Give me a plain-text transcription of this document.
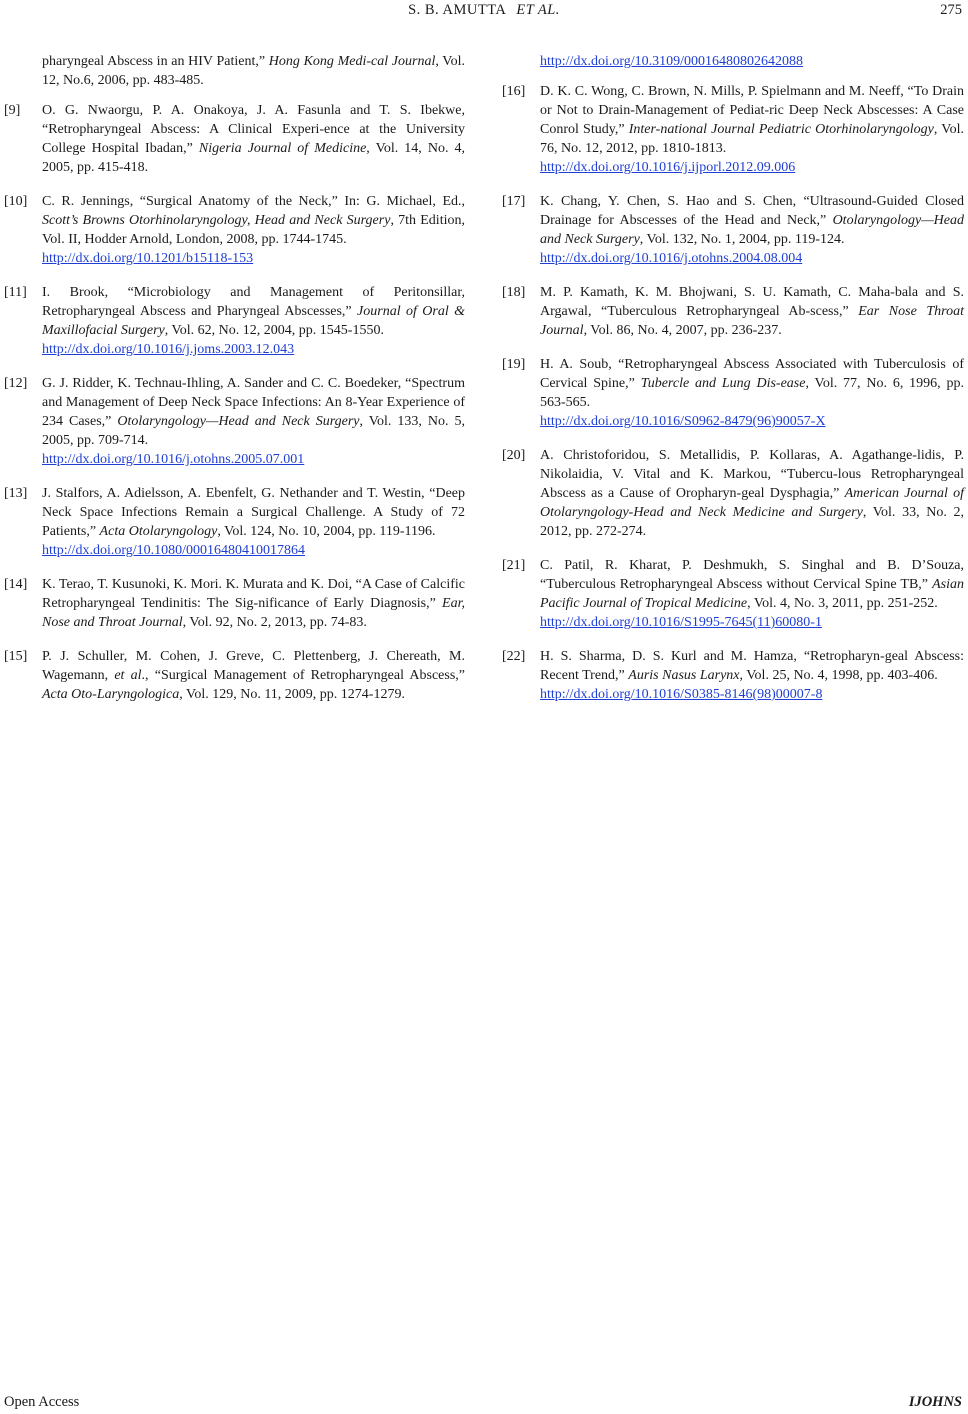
S. B. AMUTTA ET AL.	275
pharyngeal Abscess in an HIV Patient,” Hong Kong Medi-cal Journal, Vol. 12, No.6, 2006, pp. 483-485.
[9] O. G. Nwaorgu, P. A. Onakoya, J. A. Fasunla and T. S. Ibekwe, “Retropharyngeal Abscess: A Clinical Experi-ence at the University College Hospital Ibadan,” Nigeria Journal of Medicine, Vol. 14, No. 4, 2005, pp. 415-418.
[10] C. R. Jennings, “Surgical Anatomy of the Neck,” In: G. Michael, Ed., Scott’s Browns Otorhinolaryngology, Head and Neck Surgery, 7th Edition, Vol. II, Hodder Arnold, London, 2008, pp. 1744-1745.
http://dx.doi.org/10.1201/b15118-153
[11] I. Brook, “Microbiology and Management of Peritonsillar, Retropharyngeal Abscess and Pharyngeal Abscesses,” Journal of Oral & Maxillofacial Surgery, Vol. 62, No. 12, 2004, pp. 1545-1550.
http://dx.doi.org/10.1016/j.joms.2003.12.043
[12] G. J. Ridder, K. Technau-Ihling, A. Sander and C. C. Boedeker, “Spectrum and Management of Deep Neck Space Infections: An 8-Year Experience of 234 Cases,” Otolaryngology—Head and Neck Surgery, Vol. 133, No. 5, 2005, pp. 709-714.
http://dx.doi.org/10.1016/j.otohns.2005.07.001
[13] J. Stalfors, A. Adielsson, A. Ebenfelt, G. Nethander and T. Westin, “Deep Neck Space Infections Remain a Surgical Challenge. A Study of 72 Patients,” Acta Otolaryngology, Vol. 124, No. 10, 2004, pp. 119-1196.
http://dx.doi.org/10.1080/00016480410017864
[14] K. Terao, T. Kusunoki, K. Mori. K. Murata and K. Doi, “A Case of Calcific Retropharyngeal Tendinitis: The Sig-nificance of Early Diagnosis,” Ear, Nose and Throat Journal, Vol. 92, No. 2, 2013, pp. 74-83.
[15] P. J. Schuller, M. Cohen, J. Greve, C. Plettenberg, J. Chereath, M. Wagemann, et al., “Surgical Management of Retropharyngeal Abscess,” Acta Oto-Laryngologica, Vol. 129, No. 11, 2009, pp. 1274-1279.
http://dx.doi.org/10.3109/00016480802642088
[16] D. K. C. Wong, C. Brown, N. Mills, P. Spielmann and M. Neeff, “To Drain or Not to Drain-Management of Pediat-ric Deep Neck Abscesses: A Case Conrol Study,” Inter-national Journal Pediatric Otorhinolaryngology, Vol. 76, No. 12, 2012, pp. 1810-1813.
http://dx.doi.org/10.1016/j.ijporl.2012.09.006
[17] K. Chang, Y. Chen, S. Hao and S. Chen, “Ultrasound-Guided Closed Drainage for Abscesses of the Head and Neck,” Otolaryngology—Head and Neck Surgery, Vol. 132, No. 1, 2004, pp. 119-124.
http://dx.doi.org/10.1016/j.otohns.2004.08.004
[18] M. P. Kamath, K. M. Bhojwani, S. U. Kamath, C. Maha-bala and S. Argawal, “Tuberculous Retropharyngeal Ab-scess,” Ear Nose Throat Journal, Vol. 86, No. 4, 2007, pp. 236-237.
[19] H. A. Soub, “Retropharyngeal Abscess Associated with Tuberculosis of Cervical Spine,” Tubercle and Lung Dis-ease, Vol. 77, No. 6, 1996, pp. 563-565.
http://dx.doi.org/10.1016/S0962-8479(96)90057-X
[20] A. Christoforidou, S. Metallidis, P. Kollaras, A. Agathange-lidis, P. Nikolaidia, V. Vital and K. Markou, “Tubercu-lous Retropharyngeal Abscess as a Cause of Oropharyn-geal Dysphagia,” American Journal of Otolaryngology-Head and Neck Medicine and Surgery, Vol. 33, No. 2, 2012, pp. 272-274.
[21] C. Patil, R. Kharat, P. Deshmukh, S. Singhal and B. D’Souza, “Tuberculous Retropharyngeal Abscess without Cervical Spine TB,” Asian Pacific Journal of Tropical Medicine, Vol. 4, No. 3, 2011, pp. 251-252.
http://dx.doi.org/10.1016/S1995-7645(11)60080-1
[22] H. S. Sharma, D. S. Kurl and M. Hamza, “Retropharyn-geal Abscess: Recent Trend,” Auris Nasus Larynx, Vol. 25, No. 4, 1998, pp. 403-406.
http://dx.doi.org/10.1016/S0385-8146(98)00007-8
Open Access	IJOHNS
